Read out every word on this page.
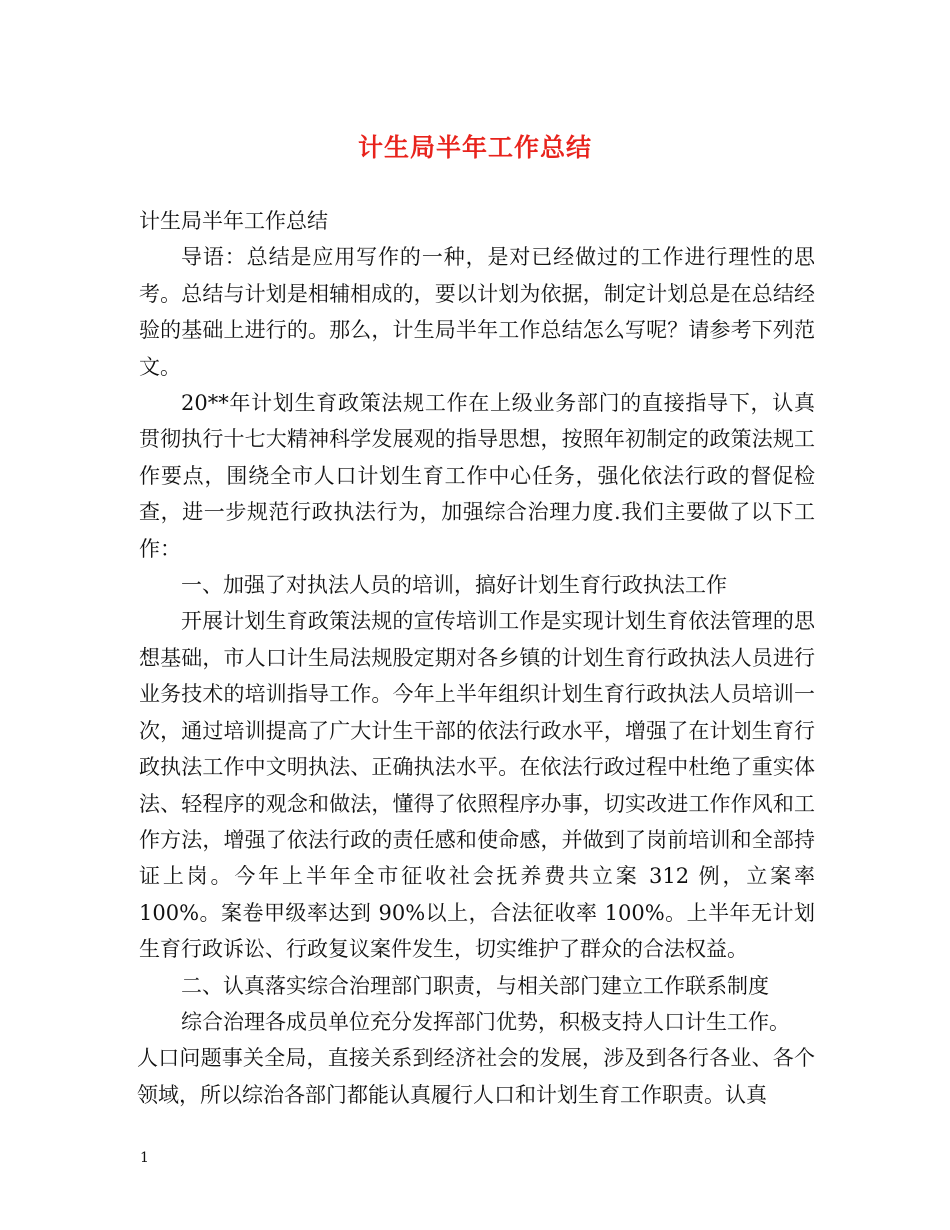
计生局半年工作总结

计生局半年工作总结

导语：总结是应用写作的一种，是对已经做过的工作进行理性的思考。总结与计划是相辅相成的，要以计划为依据，制定计划总是在总结经验的基础上进行的。那么，计生局半年工作总结怎么写呢？请参考下列范文。

20**年计划生育政策法规工作在上级业务部门的直接指导下，认真贯彻执行十七大精神科学发展观的指导思想，按照年初制定的政策法规工作要点，围绕全市人口计划生育工作中心任务，强化依法行政的督促检查，进一步规范行政执法行为，加强综合治理力度.我们主要做了以下工作：

一、加强了对执法人员的培训，搞好计划生育行政执法工作

开展计划生育政策法规的宣传培训工作是实现计划生育依法管理的思想基础，市人口计生局法规股定期对各乡镇的计划生育行政执法人员进行业务技术的培训指导工作。今年上半年组织计划生育行政执法人员培训一次，通过培训提高了广大计生干部的依法行政水平，增强了在计划生育行政执法工作中文明执法、正确执法水平。在依法行政过程中杜绝了重实体法、轻程序的观念和做法，懂得了依照程序办事，切实改进工作作风和工作方法，增强了依法行政的责任感和使命感，并做到了岗前培训和全部持证上岗。今年上半年全市征收社会抚养费共立案 312 例，立案率 100%。案卷甲级率达到 90%以上，合法征收率 100%。上半年无计划生育行政诉讼、行政复议案件发生，切实维护了群众的合法权益。

二、认真落实综合治理部门职责，与相关部门建立工作联系制度

综合治理各成员单位充分发挥部门优势，积极支持人口计生工作。

人口问题事关全局，直接关系到经济社会的发展，涉及到各行各业、各个领域，所以综治各部门都能认真履行人口和计划生育工作职责。认真

1
